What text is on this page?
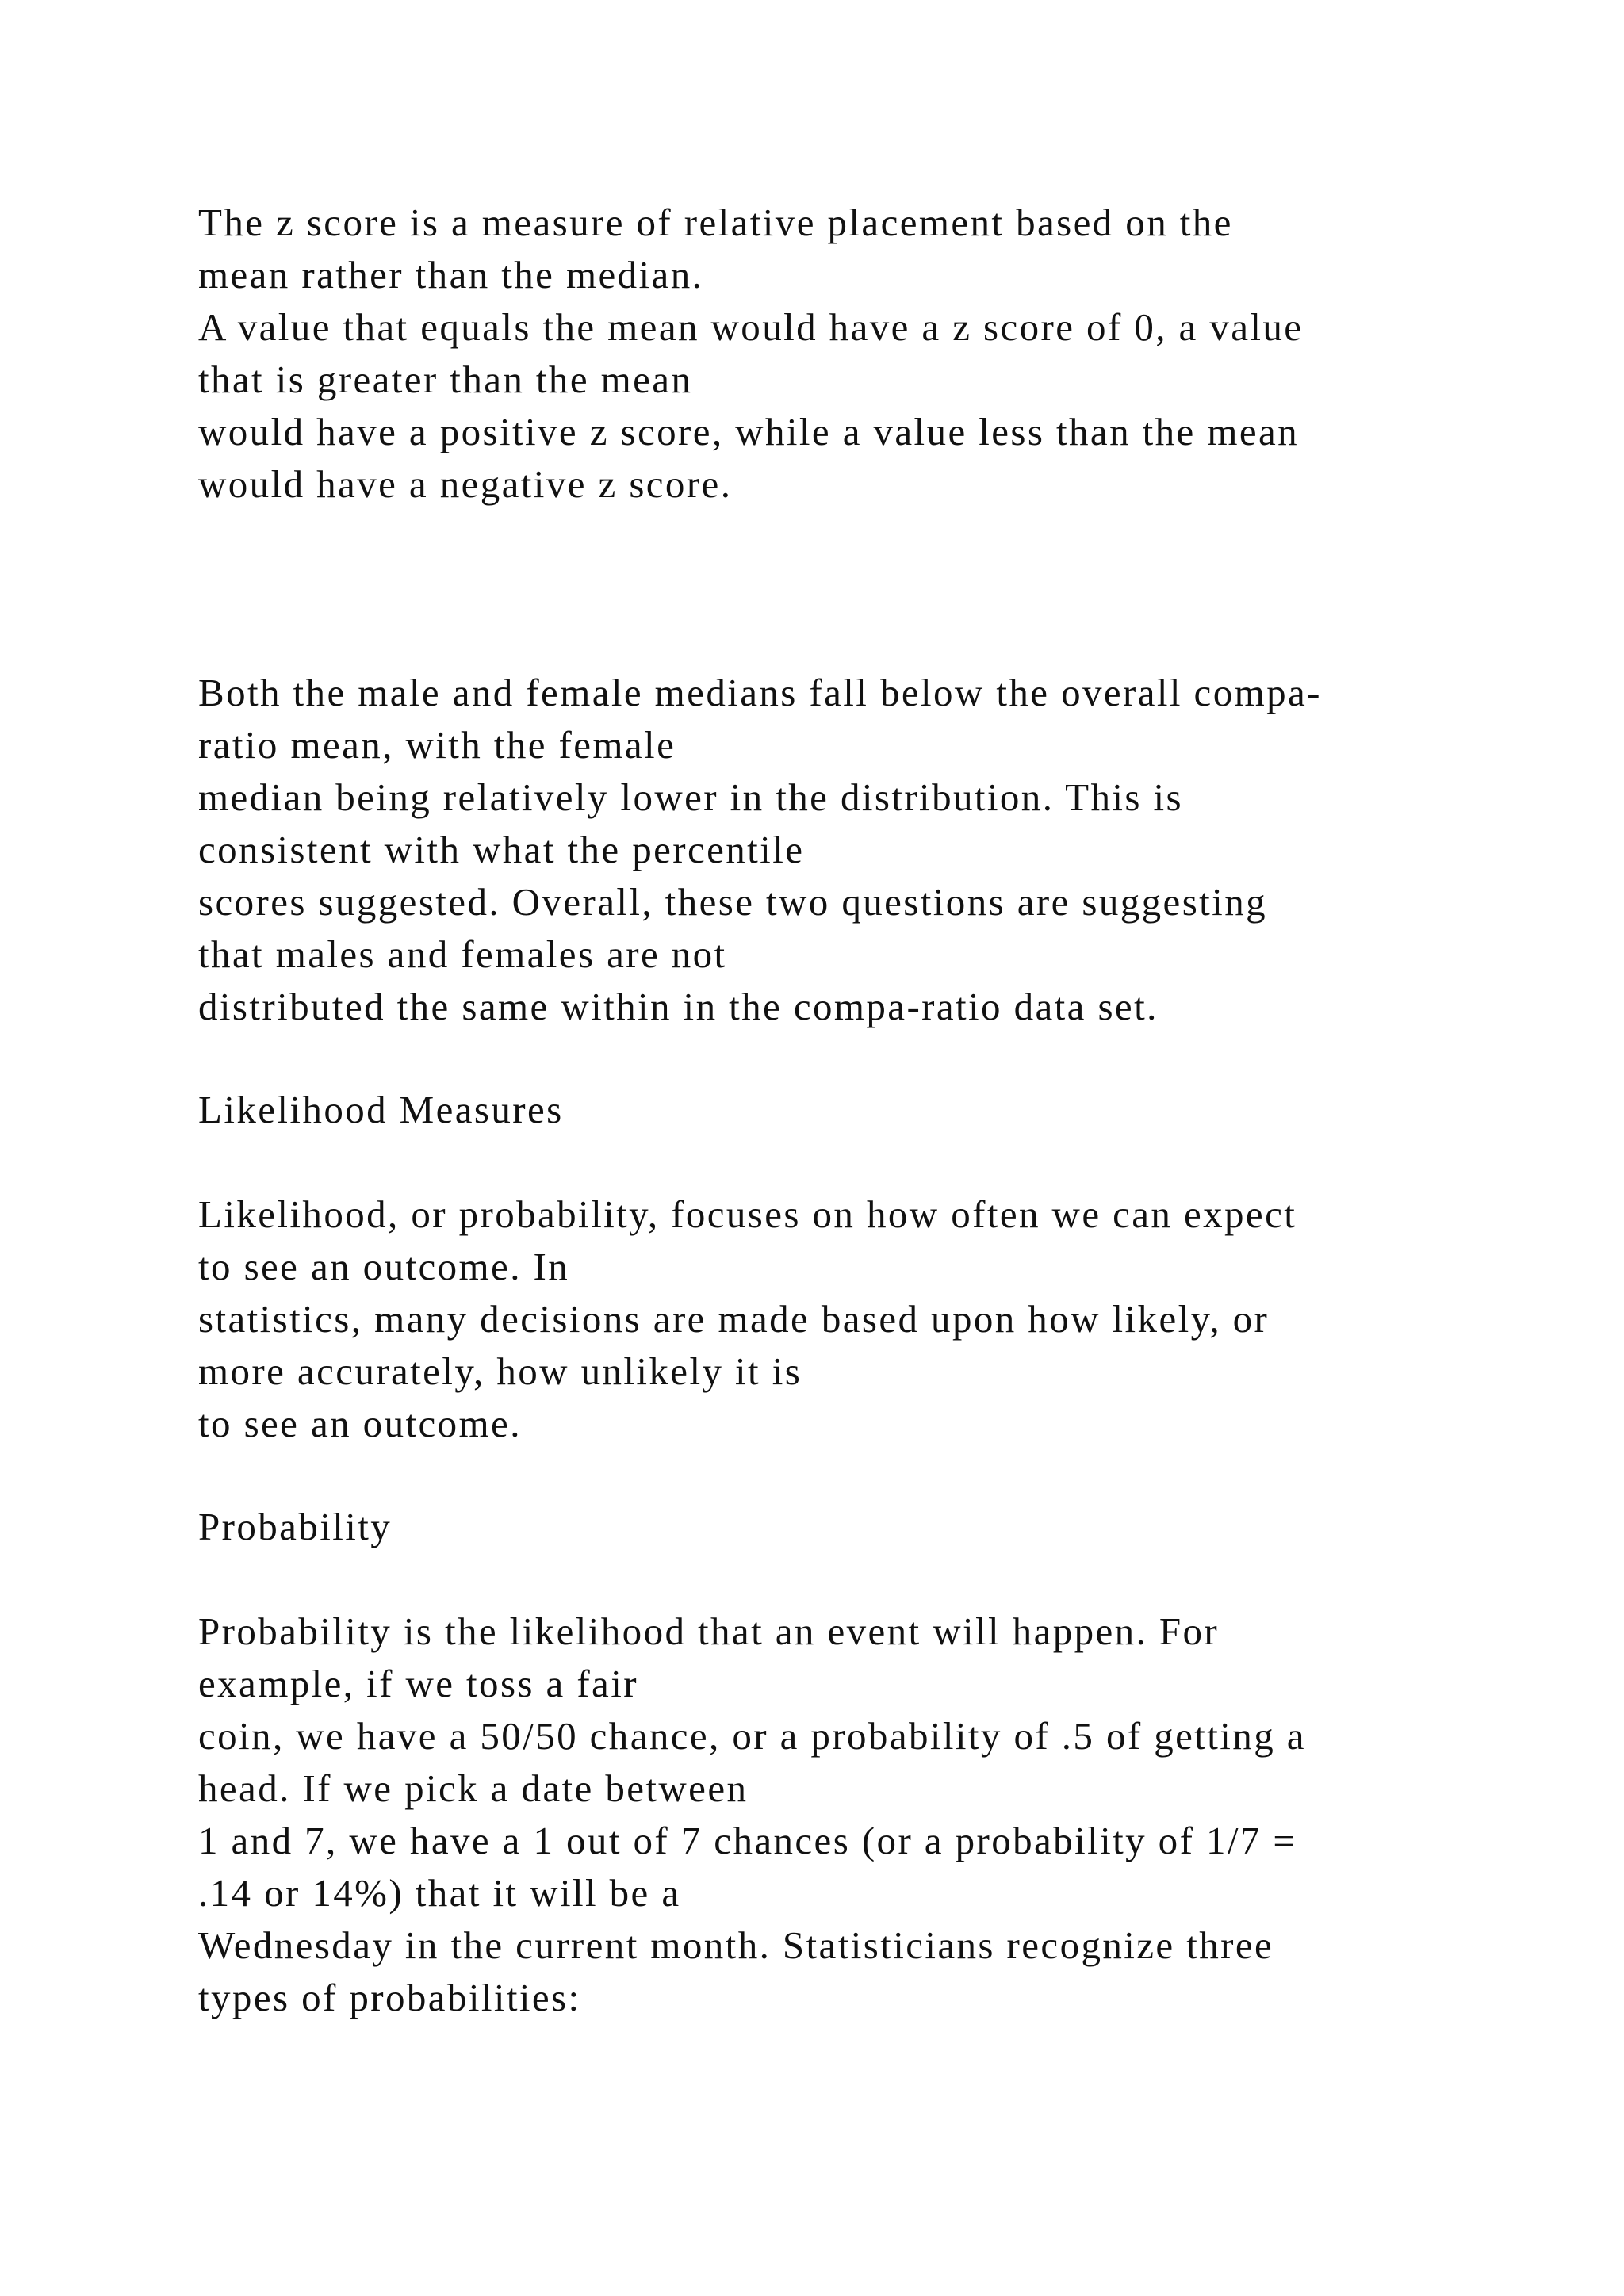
The z score is a measure of relative placement based on the
mean rather than the median.
A value that equals the mean would have a z score of 0, a value
that is greater than the mean
would have a positive z score, while a value less than the mean
would have a negative z score.

Both the male and female medians fall below the overall compa-
ratio mean, with the female
median being relatively lower in the distribution. This is
consistent with what the percentile
scores suggested. Overall, these two questions are suggesting
that males and females are not
distributed the same within in the compa-ratio data set.

Likelihood Measures

Likelihood, or probability, focuses on how often we can expect
to see an outcome. In
statistics, many decisions are made based upon how likely, or
more accurately, how unlikely it is
to see an outcome.

Probability

Probability is the likelihood that an event will happen. For
example, if we toss a fair
coin, we have a 50/50 chance, or a probability of .5 of getting a
head. If we pick a date between
1 and 7, we have a 1 out of 7 chances (or a probability of 1/7 =
.14 or 14%) that it will be a
Wednesday in the current month. Statisticians recognize three
types of probabilities:
